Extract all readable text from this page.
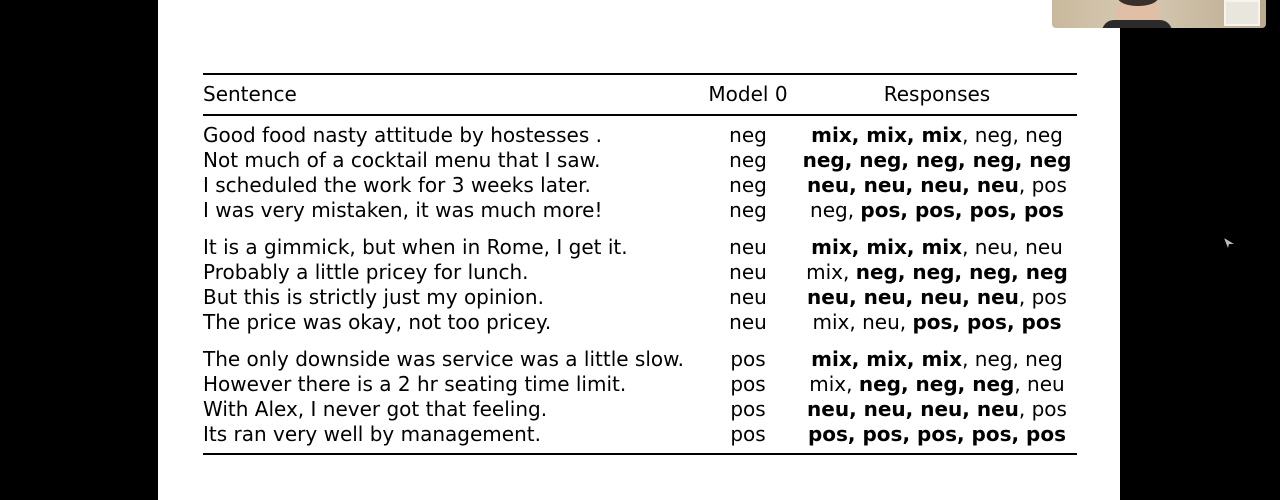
Sentence	Model 0	Responses
Good food nasty attitude by hostesses .	neg	mix, mix, mix, neg, neg
Not much of a cocktail menu that I saw.	neg	neg, neg, neg, neg, neg
I scheduled the work for 3 weeks later.	neg	neu, neu, neu, neu, pos
I was very mistaken, it was much more!	neg	neg, pos, pos, pos, pos
It is a gimmick, but when in Rome, I get it.	neu	mix, mix, mix, neu, neu
Probably a little pricey for lunch.	neu	mix, neg, neg, neg, neg
But this is strictly just my opinion.	neu	neu, neu, neu, neu, pos
The price was okay, not too pricey.	neu	mix, neu, pos, pos, pos
The only downside was service was a little slow.	pos	mix, mix, mix, neg, neg
However there is a 2 hr seating time limit.	pos	mix, neg, neg, neg, neu
With Alex, I never got that feeling.	pos	neu, neu, neu, neu, pos
Its ran very well by management.	pos	pos, pos, pos, pos, pos
